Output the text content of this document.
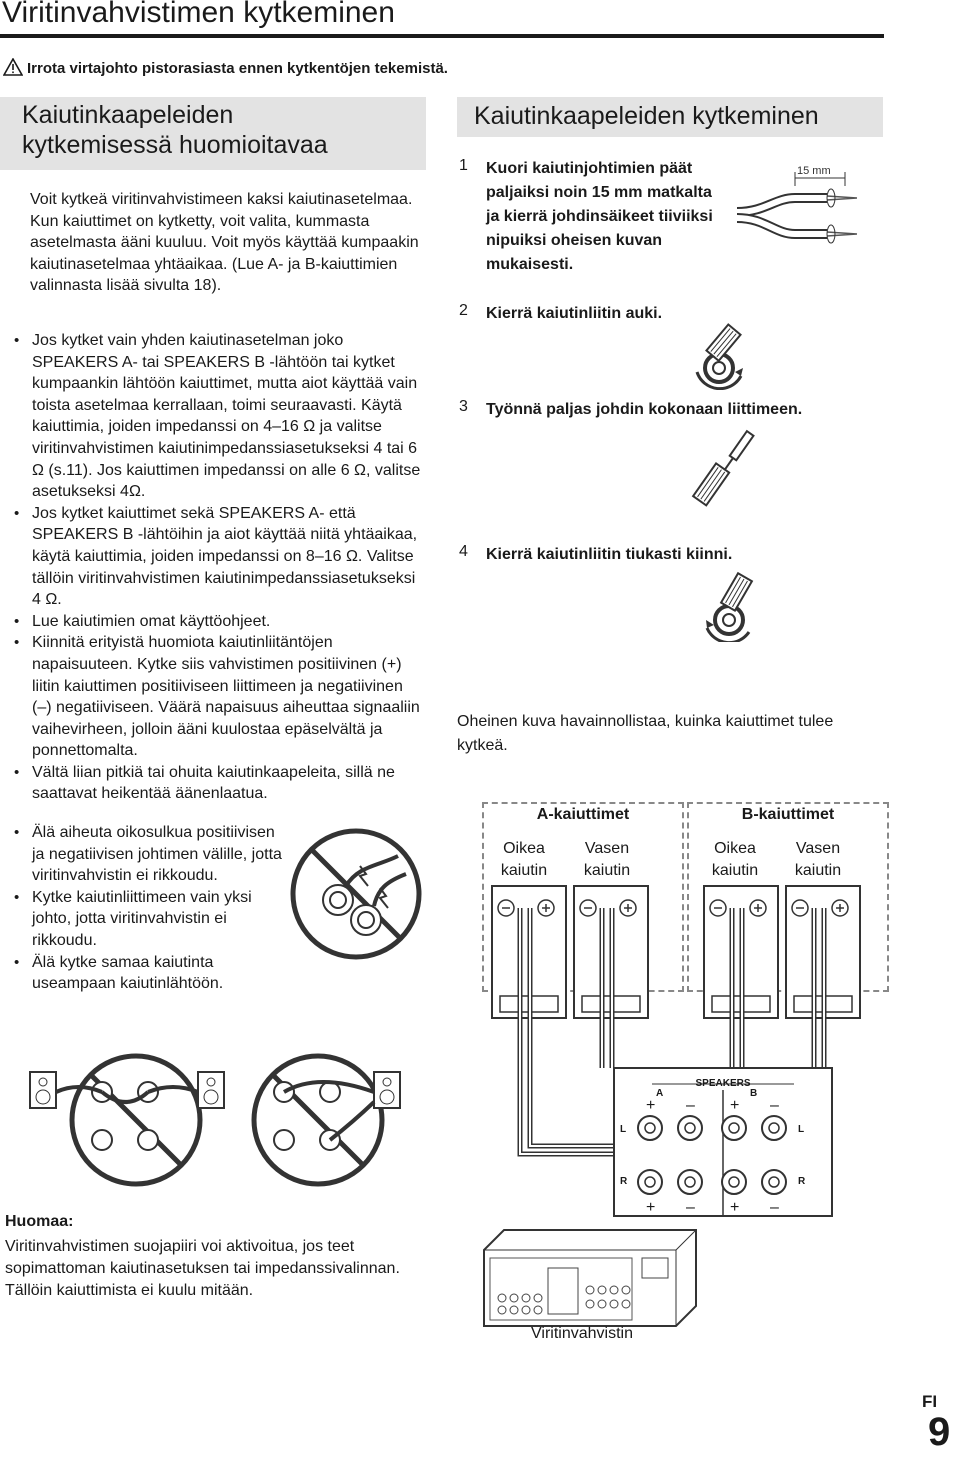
Viritinvahvistimen kytkeminen
Irrota virtajohto pistorasiasta ennen kytkentöjen tekemistä.
Kaiutinkaapeleiden
kytkemisessä huomioitavaa

Voit kytkeä viritinvahvistimeen kaksi kaiutinasetelmaa. Kun kaiuttimet on kytketty, voit valita, kummasta asetelmasta ääni kuuluu. Voit myös käyttää kumpaakin kaiutinasetelmaa yhtäaikaa. (Lue A- ja B-kaiuttimien valinnasta lisää sivulta 18).

• Jos kytket vain yhden kaiutinasetelman joko SPEAKERS A- tai SPEAKERS B -lähtöön tai kytket kumpaankin lähtöön kaiuttimet, mutta aiot käyttää vain toista asetelmaa kerrallaan, toimi seuraavasti. Käytä kaiuttimia, joiden impedanssi on 4–16 Ω ja valitse viritinvahvistimen kaiutinimpedanssiasetukseksi 4 tai 6 Ω (s.11). Jos kaiuttimen impedanssi on alle 6 Ω, valitse asetukseksi 4Ω.
• Jos kytket kaiuttimet sekä SPEAKERS A- että SPEAKERS B -lähtöihin ja aiot käyttää niitä yhtäaikaa, käytä kaiuttimia, joiden impedanssi on 8–16 Ω. Valitse tällöin viritinvahvistimen kaiutinimpedanssiasetukseksi 4 Ω.
• Lue kaiutimien omat käyttöohjeet.
• Kiinnitä erityistä huomiota kaiutinliitäntöjen napaisuuteen. Kytke siis vahvistimen positiivinen (+) liitin kaiuttimen positiiviseen liittimeen ja negatiivinen (–) negatiiviseen. Väärä napaisuus aiheuttaa signaaliin vaihevirheen, jolloin ääni kuulostaa epäselvältä ja ponnettomalta.
• Vältä liian pitkiä tai ohuita kaiutinkaapeleita, sillä ne saattavat heikentää äänenlaatua.
• Älä aiheuta oikosulkua positiivisen ja negatiivisen johtimen välille, jotta viritinvahvistin ei rikkoudu.
• Kytke kaiutinliittimeen vain yksi johto, jotta viritinvahvistin ei rikkoudu.
• Älä kytke samaa kaiutinta useampaan kaiutinlähtöön.
Kaiutinkaapeleiden kytkeminen
1 Kuori kaiutinjohtimien päät paljaiksi noin 15 mm matkalta ja kierrä johdinsäikeet tiiviiksi nipuiksi oheisen kuvan mukaisesti.
2 Kierrä kaiutinliitin auki.
3 Työnnä paljas johdin kokonaan liittimeen.
4 Kierrä kaiutinliitin tiukasti kiinni.
15 mm
Oheinen kuva havainnollistaa, kuinka kaiuttimet tulee kytkeä.
A-kaiuttimet	B-kaiuttimet
Oikea kaiutin
Vasen kaiutin
Oikea kaiutin
Vasen kaiutin
SPEAKERS
A	B
+ – + –
L	L
R	R
+ – + –
Viritinvahvistin
Huomaa:
Viritinvahvistimen suojapiiri voi aktivoitua, jos teet sopimattoman kaiutinasetuksen tai impedanssivalinnan. Tällöin kaiuttimista ei kuulu mitään.
FI
9
